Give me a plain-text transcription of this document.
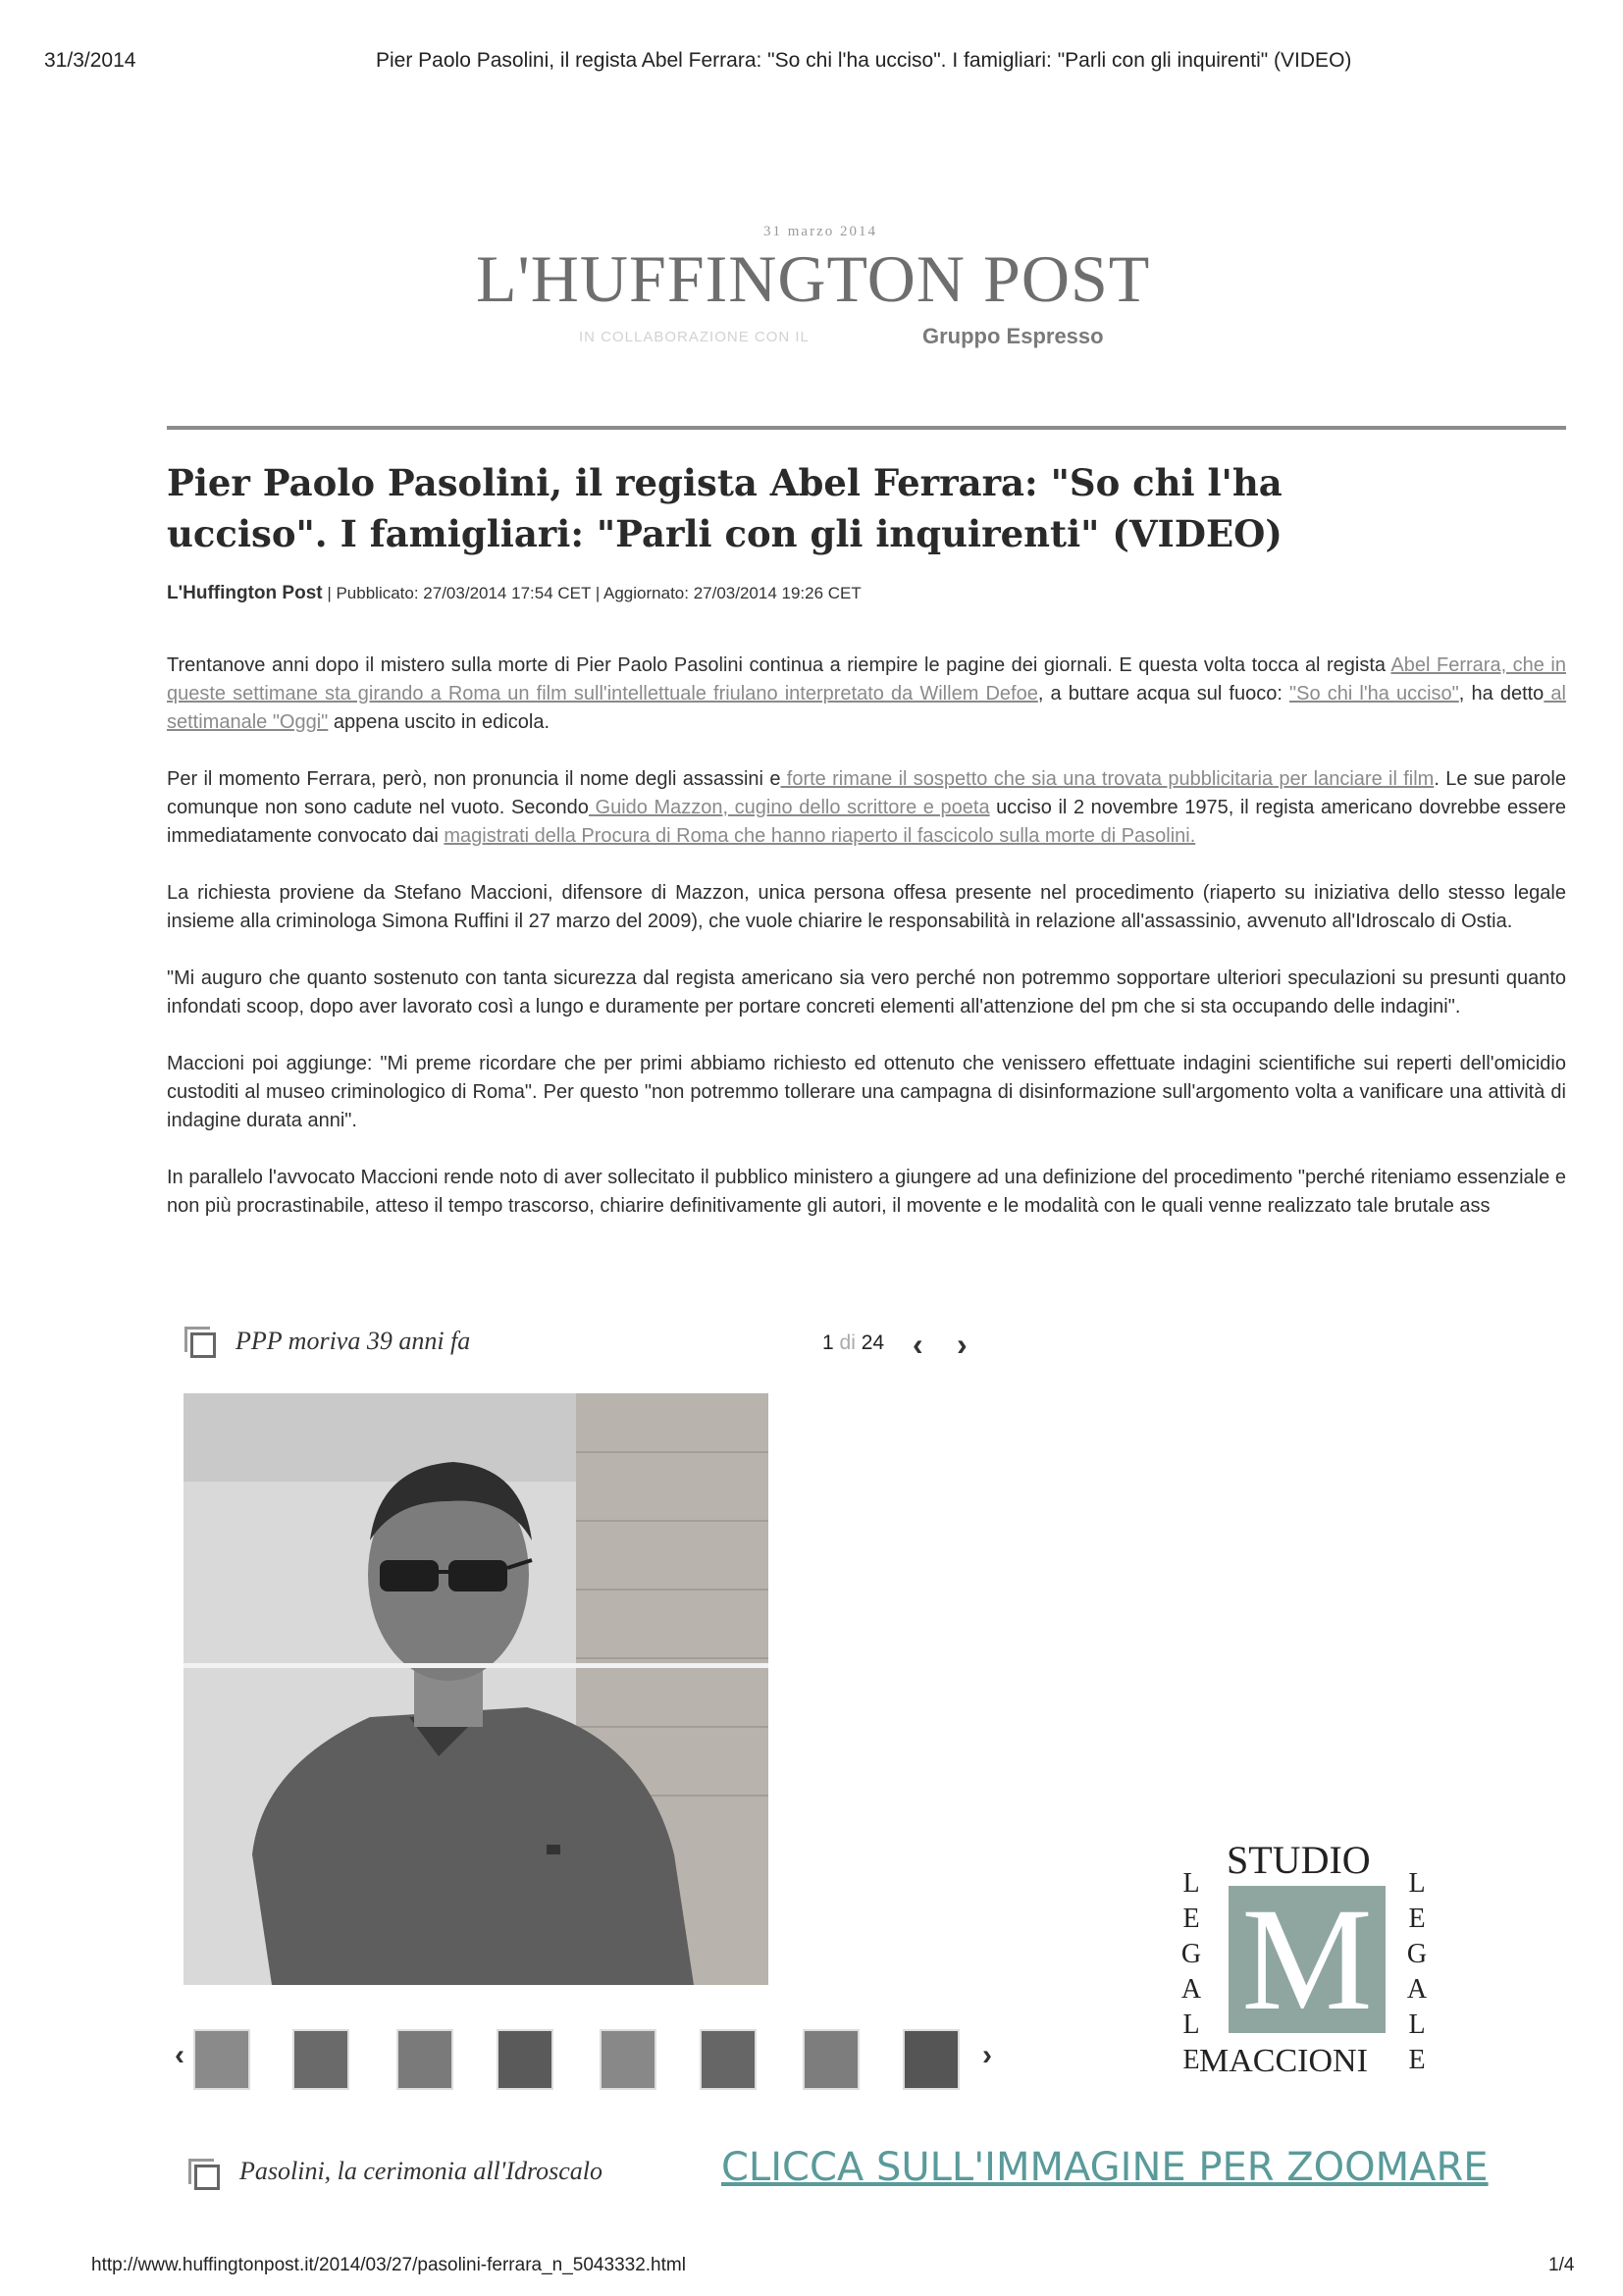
31/3/2014	Pier Paolo Pasolini, il regista Abel Ferrara: "So chi l'ha ucciso". I famigliari: "Parli con gli inquirenti" (VIDEO)
31 marzo 2014
L'HUFFINGTON POST
IN COLLABORAZIONE CON IL	Gruppo Espresso
Pier Paolo Pasolini, il regista Abel Ferrara: "So chi l'ha
ucciso". I famigliari: "Parli con gli inquirenti" (VIDEO)
L'Huffington Post | Pubblicato: 27/03/2014 17:54 CET | Aggiornato: 27/03/2014 19:26 CET

Trentanove anni dopo il mistero sulla morte di Pier Paolo Pasolini continua a riempire le pagine dei giornali. E questa volta tocca al regista Abel Ferrara, che in queste settimane sta girando a Roma un film sull'intellettuale friulano interpretato da Willem Defoe, a buttare acqua sul fuoco: "So chi l'ha ucciso", ha detto al settimanale "Oggi" appena uscito in edicola.

Per il momento Ferrara, però, non pronuncia il nome degli assassini e forte rimane il sospetto che sia una trovata pubblicitaria per lanciare il film. Le sue parole comunque non sono cadute nel vuoto. Secondo Guido Mazzon, cugino dello scrittore e poeta ucciso il 2 novembre 1975, il regista americano dovrebbe essere immediatamente convocato dai magistrati della Procura di Roma che hanno riaperto il fascicolo sulla morte di Pasolini.

La richiesta proviene da Stefano Maccioni, difensore di Mazzon, unica persona offesa presente nel procedimento (riaperto su iniziativa dello stesso legale insieme alla criminologa Simona Ruffini il 27 marzo del 2009), che vuole chiarire le responsabilità in relazione all'assassinio, avvenuto all'Idroscalo di Ostia.

"Mi auguro che quanto sostenuto con tanta sicurezza dal regista americano sia vero perché non potremmo sopportare ulteriori speculazioni su presunti quanto infondati scoop, dopo aver lavorato così a lungo e duramente per portare concreti elementi all'attenzione del pm che si sta occupando delle indagini".

Maccioni poi aggiunge: "Mi preme ricordare che per primi abbiamo richiesto ed ottenuto che venissero effettuate indagini scientifiche sui reperti dell'omicidio custoditi al museo criminologico di Roma". Per questo "non potremmo tollerare una campagna di disinformazione sull'argomento volta a vanificare una attività di indagine durata anni".

In parallelo l'avvocato Maccioni rende noto di aver sollecitato il pubblico ministero a giungere ad una definizione del procedimento "perché riteniamo essenziale e non più procrastinabile, atteso il tempo trascorso, chiarire definitivamente gli autori, il movente e le modalità con le quali venne realizzato tale brutale ass

PPP moriva 39 anni fa	1 di 24 ‹ ›
‹	›
STUDIO
L E G A L E
L E G A L E
M
MACCIONI
Pasolini, la cerimonia all'Idroscalo	CLICCA SULL'IMMAGINE PER ZOOMARE
http://www.huffingtonpost.it/2014/03/27/pasolini-ferrara_n_5043332.html	1/4
